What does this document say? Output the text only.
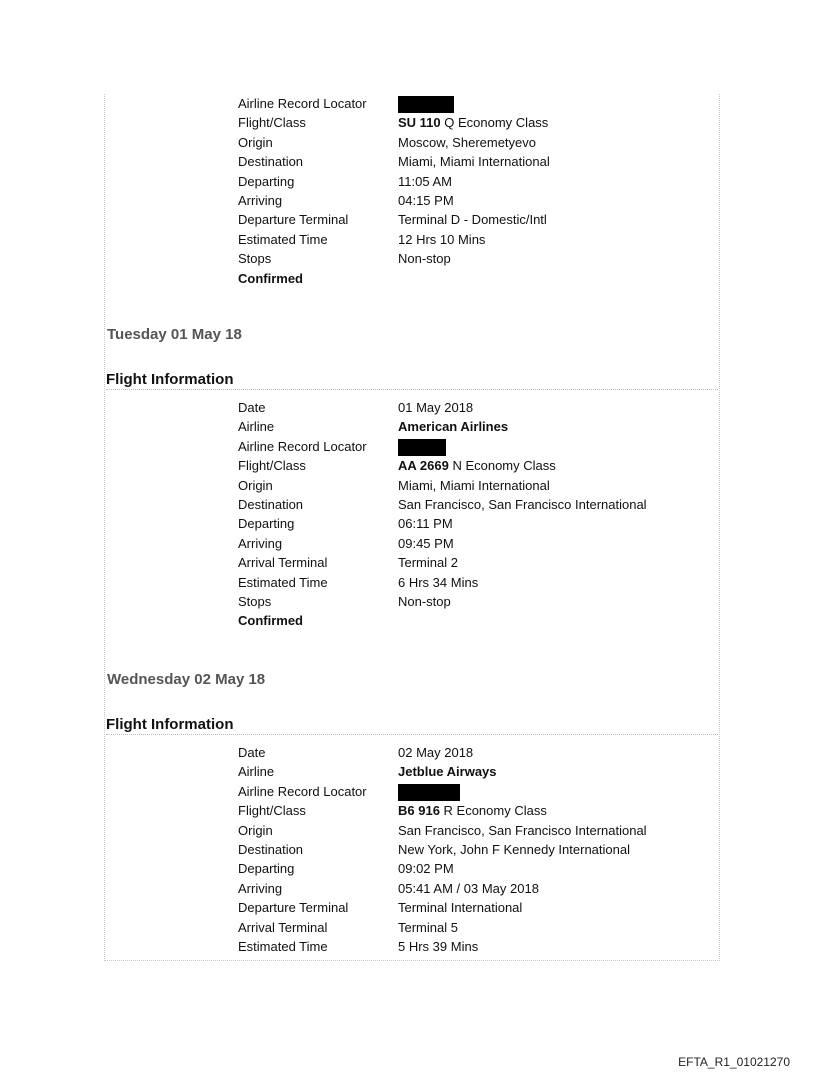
Airline Record Locator
Flight/Class	SU 110 Q Economy Class
Origin	Moscow, Sheremetyevo
Destination	Miami, Miami International
Departing	11:05 AM
Arriving	04:15 PM
Departure Terminal	Terminal D - Domestic/Intl
Estimated Time	12 Hrs 10 Mins
Stops	Non-stop
Confirmed
Tuesday 01 May 18
Flight Information
Date	01 May 2018
Airline	American Airlines
Airline Record Locator
Flight/Class	AA 2669 N Economy Class
Origin	Miami, Miami International
Destination	San Francisco, San Francisco International
Departing	06:11 PM
Arriving	09:45 PM
Arrival Terminal	Terminal 2
Estimated Time	6 Hrs 34 Mins
Stops	Non-stop
Confirmed
Wednesday 02 May 18
Flight Information
Date	02 May 2018
Airline	Jetblue Airways
Airline Record Locator
Flight/Class	B6 916 R Economy Class
Origin	San Francisco, San Francisco International
Destination	New York, John F Kennedy International
Departing	09:02 PM
Arriving	05:41 AM / 03 May 2018
Departure Terminal	Terminal International
Arrival Terminal	Terminal 5
Estimated Time	5 Hrs 39 Mins
EFTA_R1_01021270
